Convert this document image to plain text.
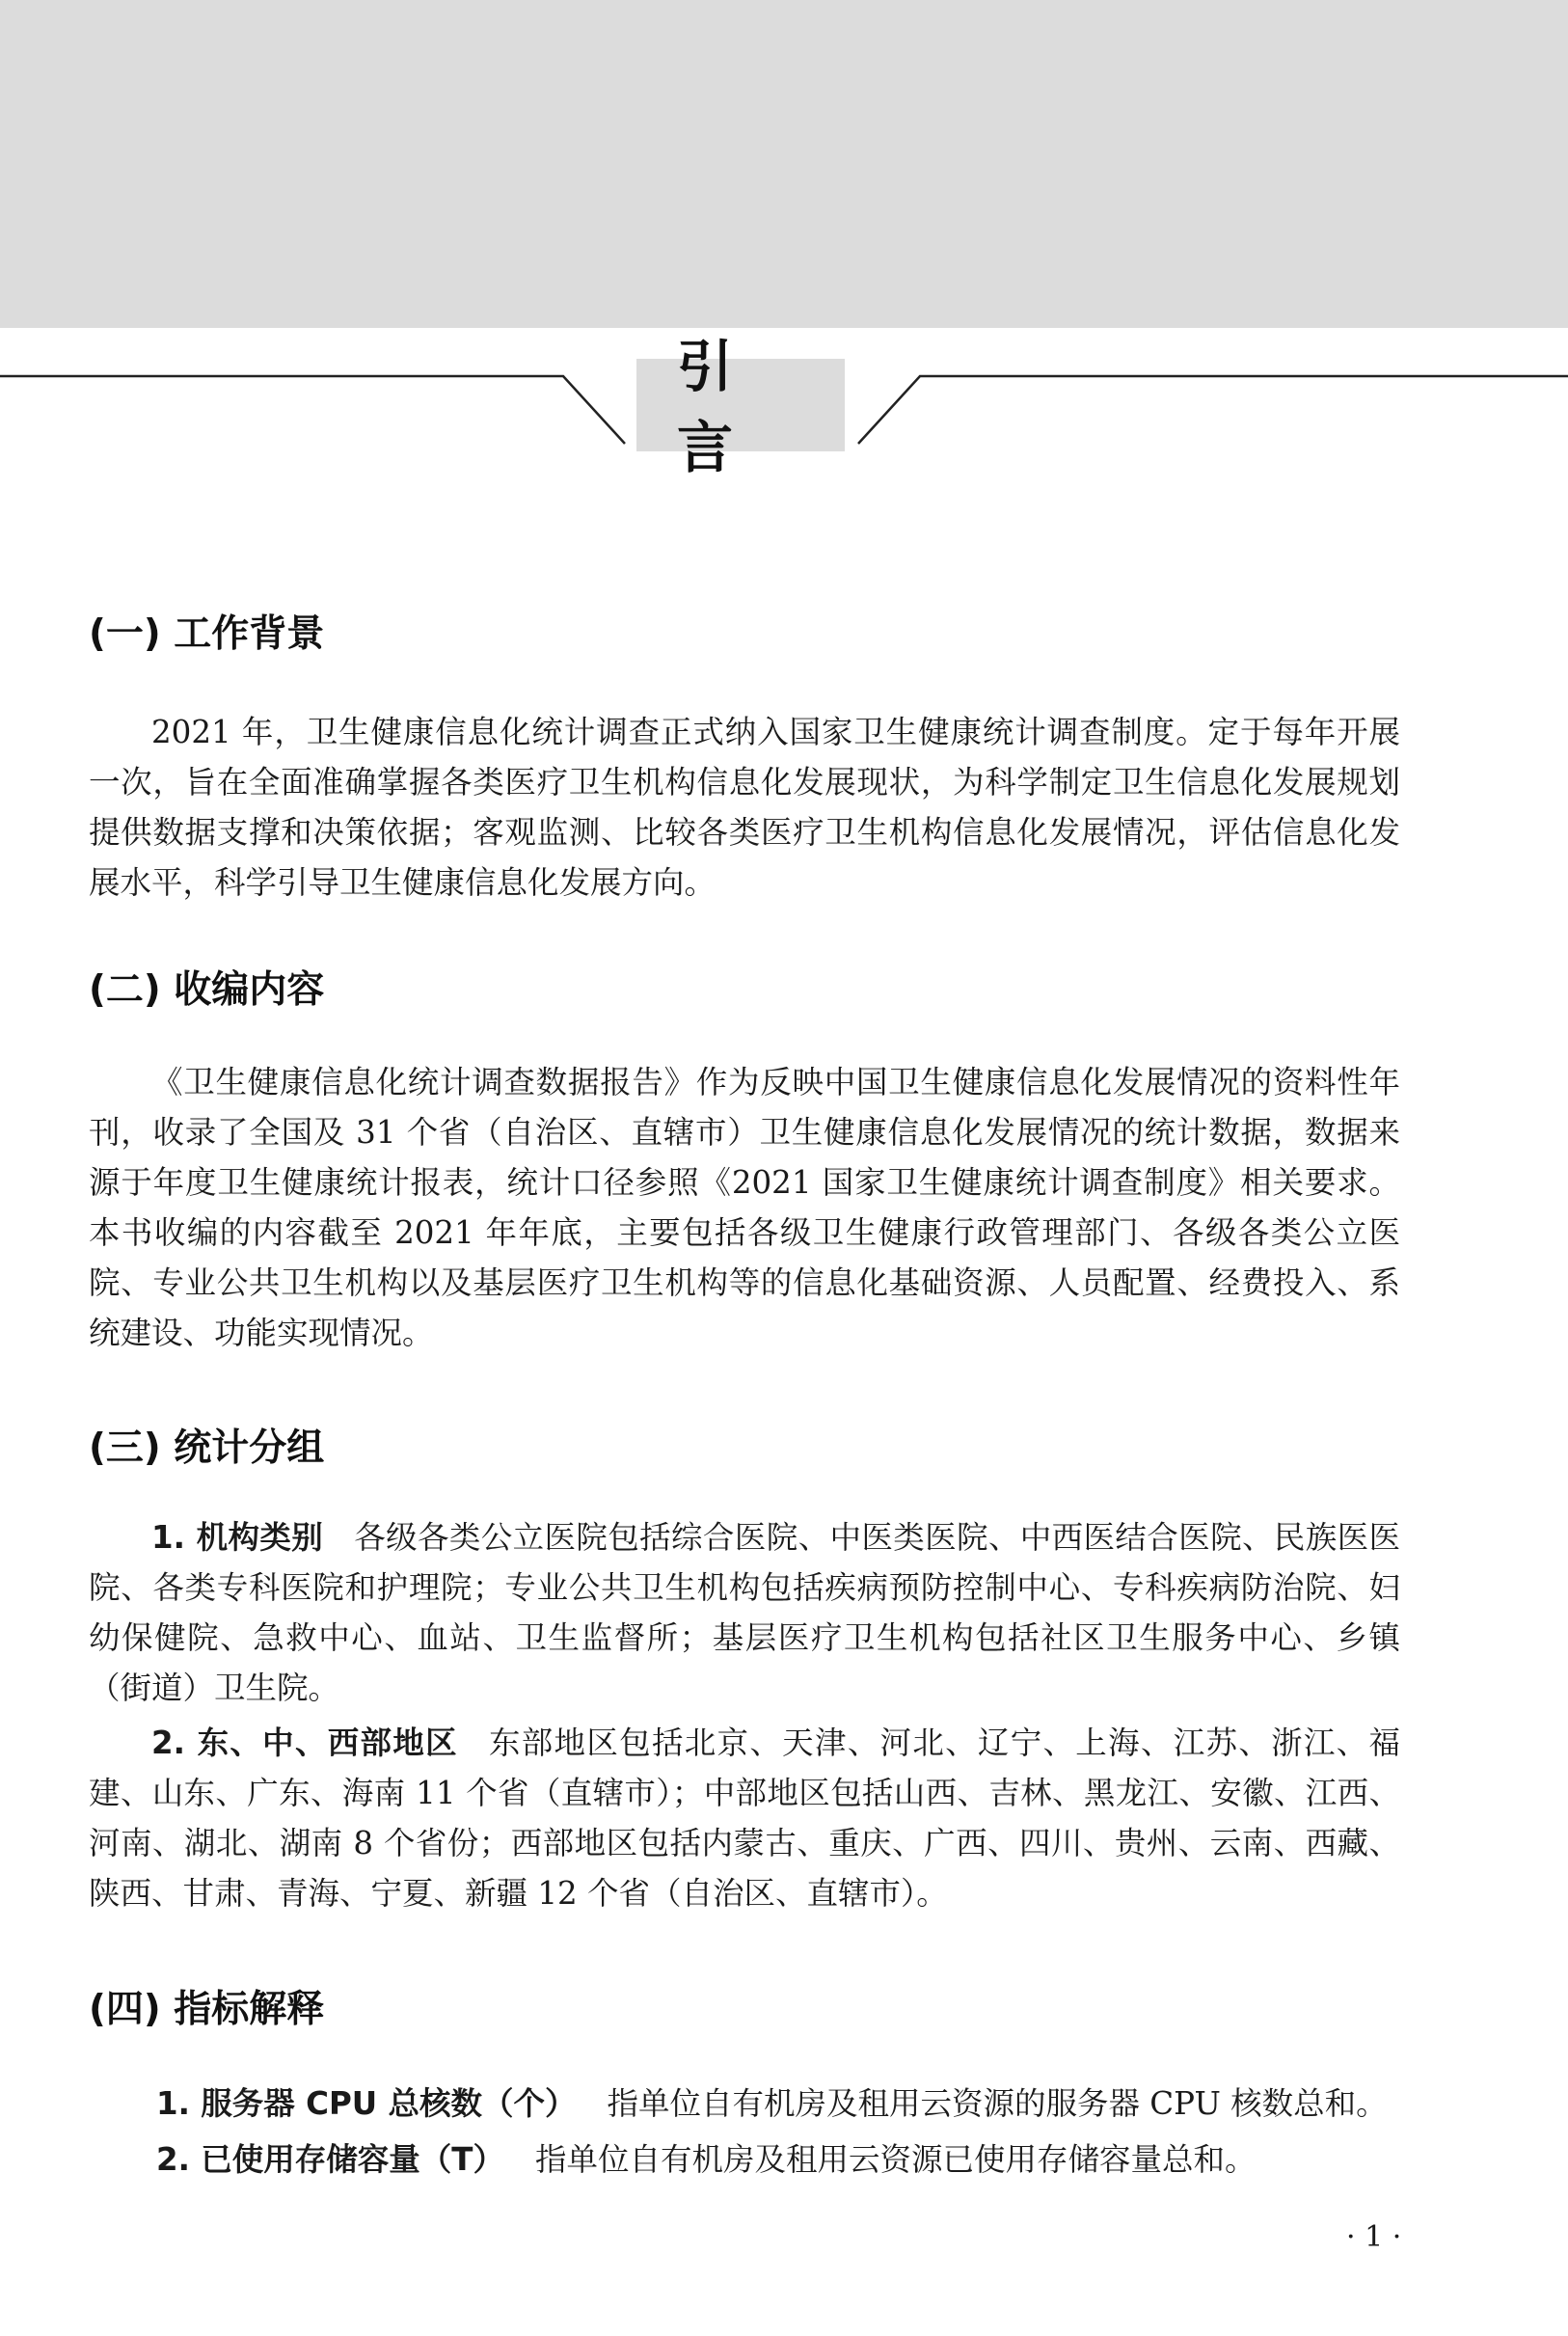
引言
(一) 工作背景

2021 年，卫生健康信息化统计调查正式纳入国家卫生健康统计调查制度。定于每年开展一次，旨在全面准确掌握各类医疗卫生机构信息化发展现状，为科学制定卫生信息化发展规划提供数据支撑和决策依据；客观监测、比较各类医疗卫生机构信息化发展情况，评估信息化发展水平，科学引导卫生健康信息化发展方向。

(二) 收编内容

《卫生健康信息化统计调查数据报告》作为反映中国卫生健康信息化发展情况的资料性年刊，收录了全国及 31 个省（自治区、直辖市）卫生健康信息化发展情况的统计数据，数据来源于年度卫生健康统计报表，统计口径参照《2021 国家卫生健康统计调查制度》相关要求。本书收编的内容截至 2021 年年底，主要包括各级卫生健康行政管理部门、各级各类公立医院、专业公共卫生机构以及基层医疗卫生机构等的信息化基础资源、人员配置、经费投入、系统建设、功能实现情况。

(三) 统计分组

1. 机构类别 各级各类公立医院包括综合医院、中医类医院、中西医结合医院、民族医医院、各类专科医院和护理院；专业公共卫生机构包括疾病预防控制中心、专科疾病防治院、妇幼保健院、急救中心、血站、卫生监督所；基层医疗卫生机构包括社区卫生服务中心、乡镇（街道）卫生院。

2. 东、中、西部地区 东部地区包括北京、天津、河北、辽宁、上海、江苏、浙江、福建、山东、广东、海南 11 个省（直辖市）；中部地区包括山西、吉林、黑龙江、安徽、江西、河南、湖北、湖南 8 个省份；西部地区包括内蒙古、重庆、广西、四川、贵州、云南、西藏、陕西、甘肃、青海、宁夏、新疆 12 个省（自治区、直辖市）。

(四) 指标解释

1. 服务器 CPU 总核数（个） 指单位自有机房及租用云资源的服务器 CPU 核数总和。

2. 已使用存储容量（T） 指单位自有机房及租用云资源已使用存储容量总和。

· 1 ·
